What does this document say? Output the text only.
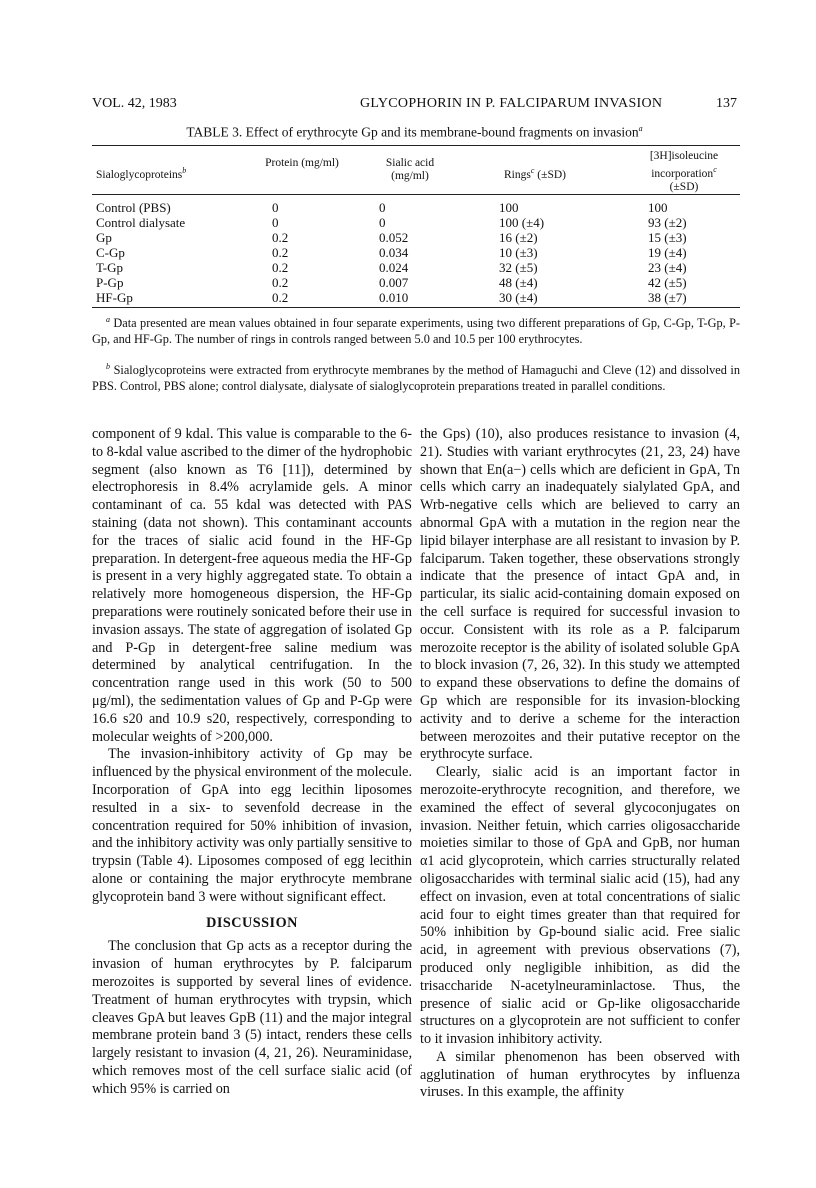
VOL. 42, 1983	GLYCOPHORIN IN P. FALCIPARUM INVASION	137
TABLE 3. Effect of erythrocyte Gp and its membrane-bound fragments on invasion$^a$
Sialoglycoproteins$^b$
Protein (mg/ml)	Sialic acid (mg/ml)	Rings$^c$ (±SD)
[3H]isoleucine incorporation$^c$
(±SD)
Control (PBS)	0	0	100	100
Control dialysate	0	0	100 (±4)	93 (±2)
Gp	0.2	0.052	16 (±2)	15 (±3)
C-Gp	0.2	0.034	10 (±3)	19 (±4)
T-Gp	0.2	0.024	32 (±5)	23 (±4)
P-Gp	0.2	0.007	48 (±4)	42 (±5)
HF-Gp	0.2	0.010	30 (±4)	38 (±7)
$^a$ Data presented are mean values obtained in four separate experiments, using two different preparations of Gp, C-Gp, T-Gp, P-Gp, and HF-Gp. The number of rings in controls ranged between 5.0 and 10.5 per 100 erythrocytes.
$^b$ Sialoglycoproteins were extracted from erythrocyte membranes by the method of Hamaguchi and Cleve (12) and dissolved in PBS. Control, PBS alone; control dialysate, dialysate of sialoglycoprotein preparations treated in parallel conditions.

component of 9 kdal. This value is comparable to the 6- to 8-kdal value ascribed to the dimer of the hydrophobic segment (also known as T6 [11]), determined by electrophoresis in 8.4% acrylamide gels. A minor contaminant of ca. 55 kdal was detected with PAS staining (data not shown). This contaminant accounts for the traces of sialic acid found in the HF-Gp preparation. In detergent-free aqueous media the HF-Gp is present in a very highly aggregated state. To obtain a relatively more homogeneous dispersion, the HF-Gp preparations were routinely sonicated before their use in invasion assays. The state of aggregation of isolated Gp and P-Gp in detergent-free saline medium was determined by analytical centrifugation. In the concentration range used in this work (50 to 500 μg/ml), the sedimentation values of Gp and P-Gp were 16.6 s20 and 10.9 s20, respectively, corresponding to molecular weights of >200,000.

The invasion-inhibitory activity of Gp may be influenced by the physical environment of the molecule. Incorporation of GpA into egg lecithin liposomes resulted in a six- to sevenfold decrease in the concentration required for 50% inhibition of invasion, and the inhibitory activity was only partially sensitive to trypsin (Table 4). Liposomes composed of egg lecithin alone or containing the major erythrocyte membrane glycoprotein band 3 were without significant effect.

DISCUSSION

The conclusion that Gp acts as a receptor during the invasion of human erythrocytes by P. falciparum merozoites is supported by several lines of evidence. Treatment of human erythrocytes with trypsin, which cleaves GpA but leaves GpB (11) and the major integral membrane protein band 3 (5) intact, renders these cells largely resistant to invasion (4, 21, 26). Neuraminidase, which removes most of the cell surface sialic acid (of which 95% is carried on

the Gps) (10), also produces resistance to invasion (4, 21). Studies with variant erythrocytes (21, 23, 24) have shown that En(a−) cells which are deficient in GpA, Tn cells which carry an inadequately sialylated GpA, and Wrb-negative cells which are believed to carry an abnormal GpA with a mutation in the region near the lipid bilayer interphase are all resistant to invasion by P. falciparum. Taken together, these observations strongly indicate that the presence of intact GpA and, in particular, its sialic acid-containing domain exposed on the cell surface is required for successful invasion to occur. Consistent with its role as a P. falciparum merozoite receptor is the ability of isolated soluble GpA to block invasion (7, 26, 32). In this study we attempted to expand these observations to define the domains of Gp which are responsible for its invasion-blocking activity and to derive a scheme for the interaction between merozoites and their putative receptor on the erythrocyte surface.

Clearly, sialic acid is an important factor in merozoite-erythrocyte recognition, and therefore, we examined the effect of several glycoconjugates on invasion. Neither fetuin, which carries oligosaccharide moieties similar to those of GpA and GpB, nor human α1 acid glycoprotein, which carries structurally related oligosaccharides with terminal sialic acid (15), had any effect on invasion, even at total concentrations of sialic acid four to eight times greater than that required for 50% inhibition by Gp-bound sialic acid. Free sialic acid, in agreement with previous observations (7), produced only negligible inhibition, as did the trisaccharide N-acetylneuraminlactose. Thus, the presence of sialic acid or Gp-like oligosaccharide structures on a glycoprotein are not sufficient to confer to it invasion inhibitory activity.

A similar phenomenon has been observed with agglutination of human erythrocytes by influenza viruses. In this example, the affinity
